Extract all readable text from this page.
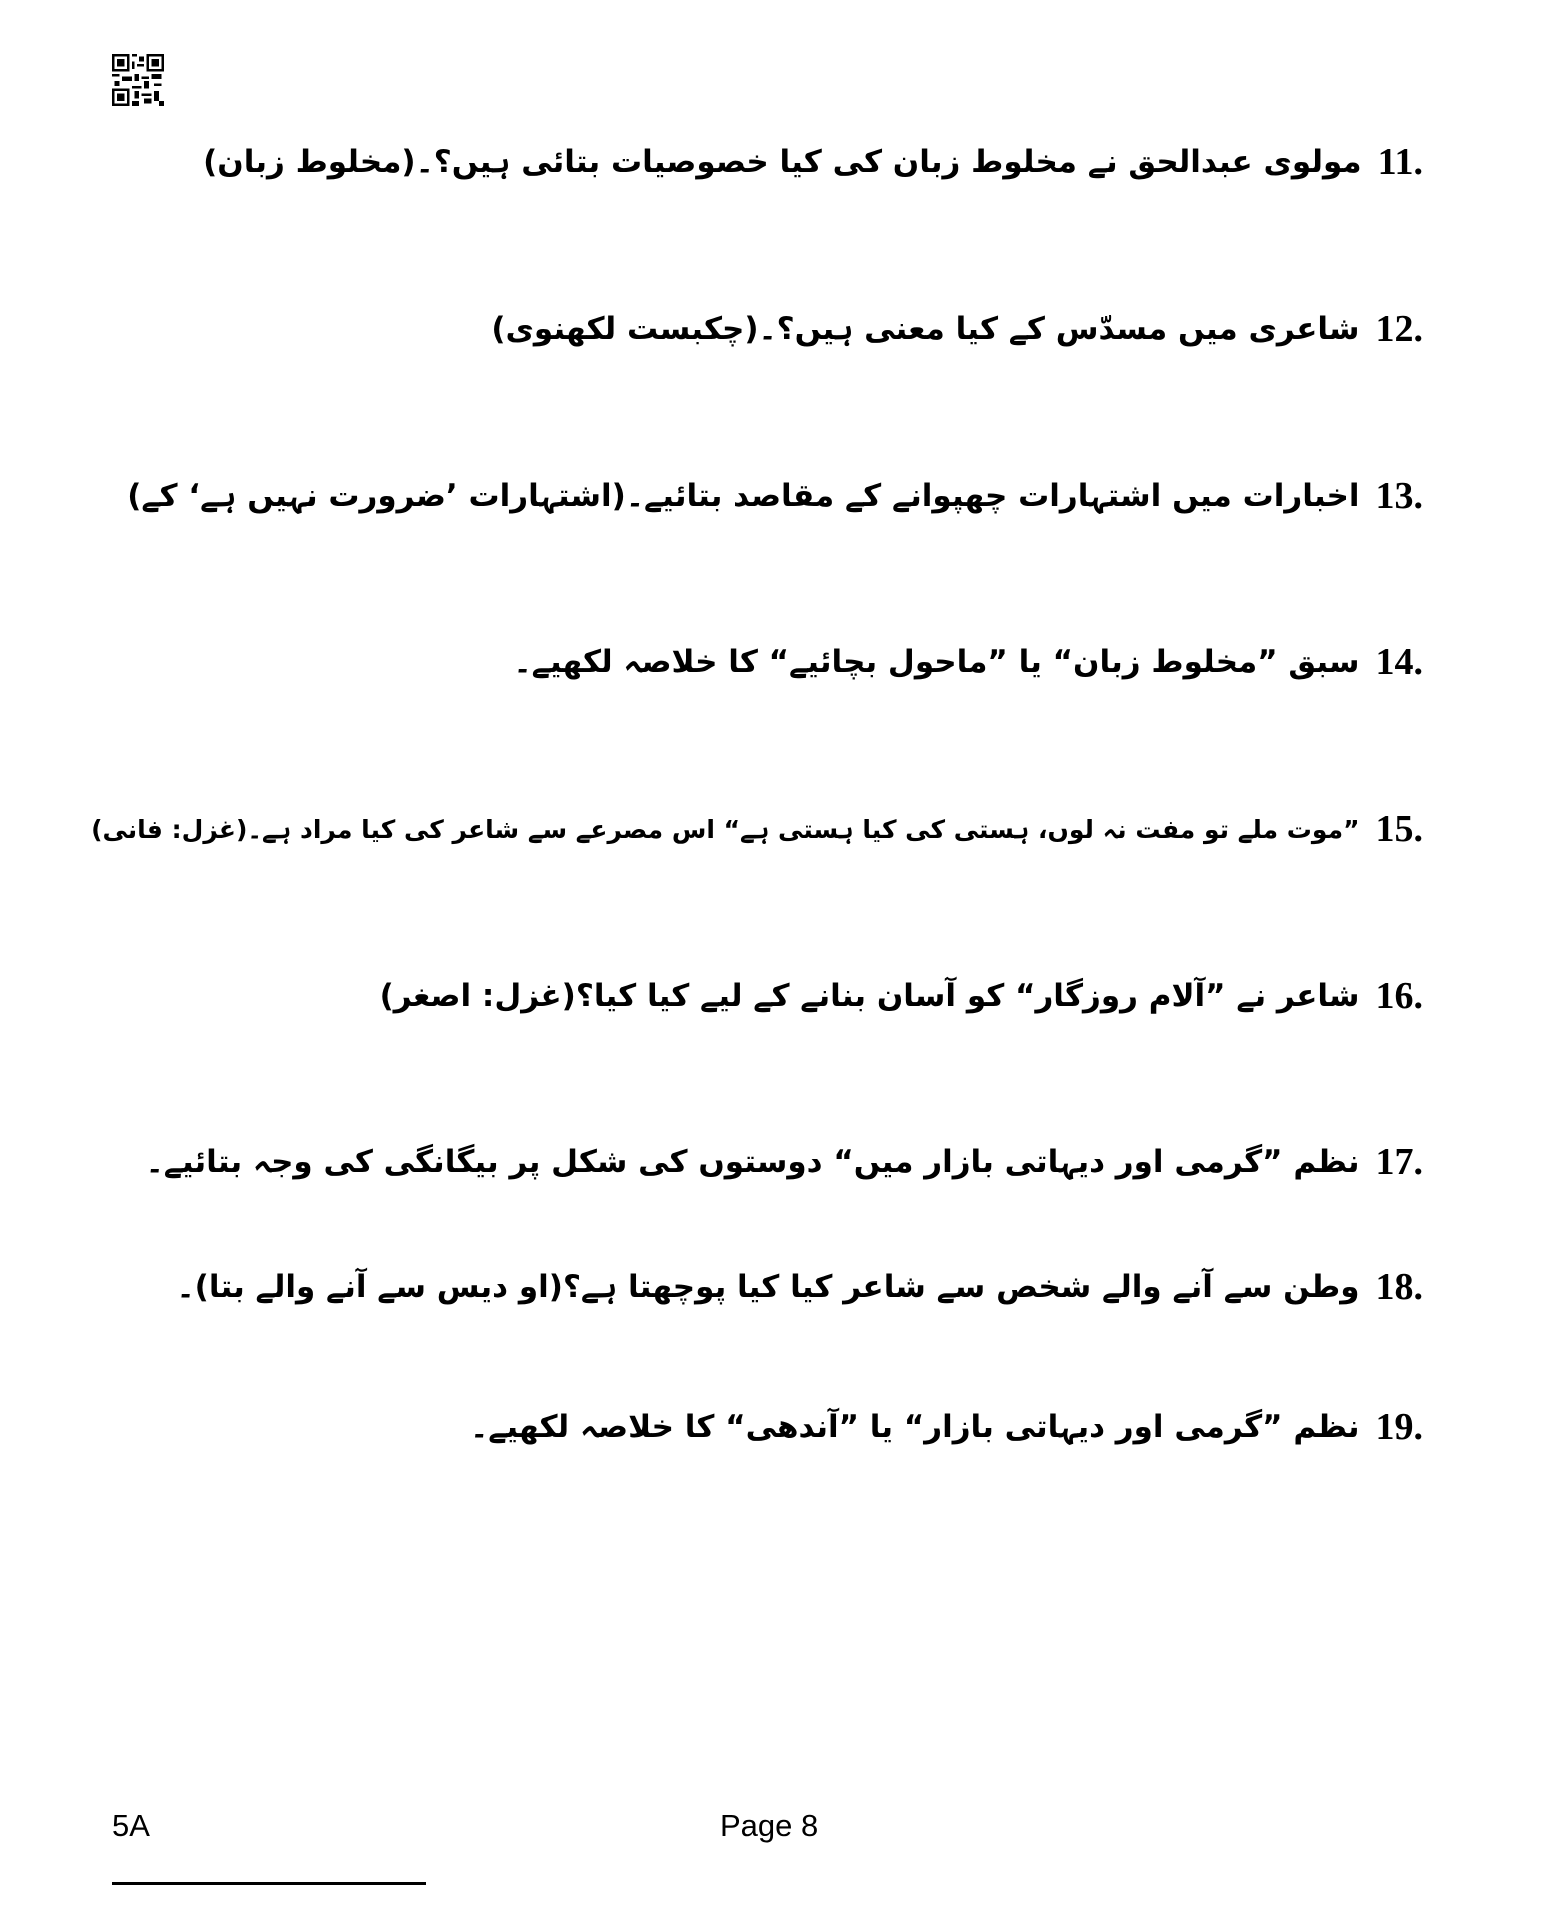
11.
مولوی عبدالحق نے مخلوط زبان کی کیا خصوصیات بتائی ہیں؟۔(مخلوط زبان)
12.
شاعری میں مسدّس کے کیا معنی ہیں؟۔(چکبست لکھنوی)
13.
اخبارات میں اشتہارات چھپوانے کے مقاصد بتائیے۔(اشتہارات ’ضرورت نہیں ہے‘ کے)
14.
سبق ”مخلوط زبان“ یا ”ماحول بچائیے“ کا خلاصہ لکھیے۔
15.
”موت ملے تو مفت نہ لوں، ہستی کی کیا ہستی ہے“ اس مصرعے سے شاعر کی کیا مراد ہے۔(غزل: فانی)
16.
شاعر نے ”آلام روزگار“ کو آسان بنانے کے لیے کیا کیا؟(غزل: اصغر)
17.
نظم ”گرمی اور دیہاتی بازار میں“ دوستوں کی شکل پر بیگانگی کی وجہ بتائیے۔
18.
وطن سے آنے والے شخص سے شاعر کیا کیا پوچھتا ہے؟(او دیس سے آنے والے بتا)۔
19.
نظم ”گرمی اور دیہاتی بازار“ یا ”آندھی“ کا خلاصہ لکھیے۔
5A	Page 8
